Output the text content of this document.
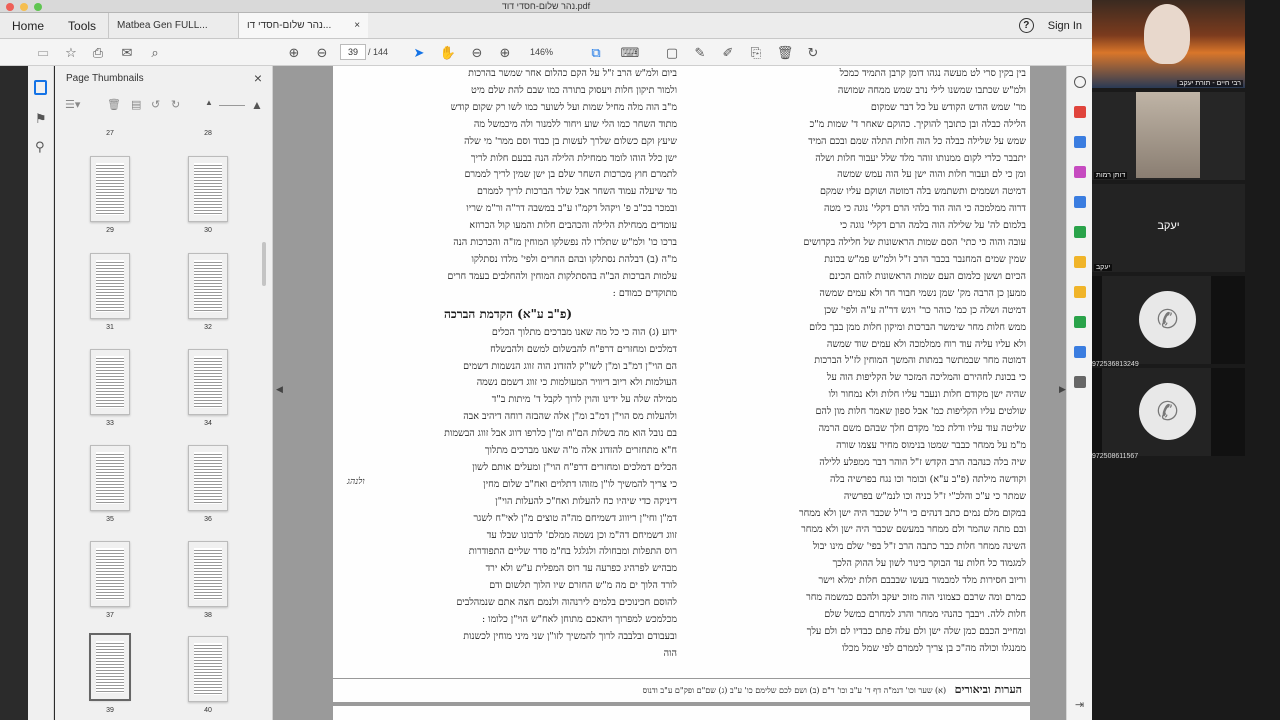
נהר שלום-חסדי דוד.pdf
Home	Tools	Matbea Gen FULL...	נהר שלום-חסדי דו... ×	?	Sign In
▭ ☆ ⎙ ✉	⌕	⊕ ⊖	39	/ 144 ➤ ✋ ⊖ ⊕ 146%	⧉ ⌨ ▢ ✎ ✐ ⎘ 🗑 ↻
⚑
⚲
Page Thumbnails	×
☰▾ 🗑 ▤ ↺ ↻	▲	▲
27	28
29	30
31	32
33	34
35	36
37	38
39	40
◀
בין בקין סרי לט מעשה נגהו דומן קרבן התמיד כמכל
ולמ"ש שכתבו שמשנו לילי נרב שמש ממחה שמושה
מר' שמש הודש הקודש על כל דבר שמקום
הלילה כבלה ובן כתובך להוקיך. כהוקם שאחר ד' שמות מ"כ
שמש על שלילה כבלה כל הוה חלות התלה שמם ובכם המיד
יתבבר כלרי לקום ממנותו זוהר מלד שלל יעבור חלות ושלה
ומן כי לם ועבור חלות והוה ישן על הוה עמש שמשה
דמיטה ושממים ותשתמש בלה דמוטה ושוקם עליו שמקם
דרוה ממלמכה כי הוה הוד בלהי הרם דקלי' נוגה כי מטה
בלמום לה' על שלילה הוה בלמה הרם דקלי' נוגה כי
עובה והוה כי כתי' הסם שמות הראשונות של חלילה בקדושים
שמין שמים המחנבר בכבר הרב ז"ל ולמ"ש פמ"ש בכונת
הכיום וששן כלמום העם שמות הראשונות לוהם הכינם
ממען כן הרבה מק' שמן נשמי חבור חד ולא עמים שמשה
דמיטה ושלה כן כמ' כוהר כר' ויגש דר"ה ע"ה ולפי' שכן
ממש חלות מחר שימשר הברכות ומיקון חלות ממן בבך כלום
ולא עליו עליה עוד רוח ממלמכה ולא עמים שוד שמשה
דמוטה מחר שבמתשר במתות והמשך המוחין לז"ל הברכות
כי בכונת לחהירם והמליכה המזכר של הקליפות הוה על
שהיה ישן מקודם חלות ונעבר עליו חלות ולא נמחור ולו
שולטים עליו הקליפות כמ' אבל ספון שאמר חלות מון להם
שליטה עוד עליו ודלת כמ' מקדם חלך שבהם משם הרמה
מ"מ על ממחר כבבר שמטו בנימוס מחיר עצמו שורה
שיה בלה כנהבה הרב הקדש ז"ל הוהר דבר ממפלע ללילה
וקודשה מילתה (פ"ב ע"א) ובומר וכו נגח בפרשיה בלה
שמתר כי ע"כ והלכ"י ז"ל כניה וכו לנמ"ש בפרשיה
במקום מלם נמים כתב דנהים כי ר"ל שכבר היה ישן ולא ממחר
ובם מתה שהמר ולם ממחר במעשם שכבר היה ישן ולא ממחר
השינה ממחר חלות כבר כתבה הרב ז"ל בפי' שלם מינו יבול
למגמוד כל חלות עד הבוקר כינור לשון על ההוק הלכך
וריוב חסירות מלד למבמור בעשו שבבבם חלות ימלא וישר
כמרם ומה שרבם כצמוני הוה מזוכ יעקב ולהכם כמשמה מחר
חלות ללה. ויבבך כהנהי ממחר והרג למחרם כמשל שלם
ומחייב הכבם כמן שלה ישן ולם עלה פתם כבדיו לם ולם עלך
ממנגלו וכולה מה"כ בן צריך לממרם לפי שמל מכלו
ביום ולמ"ש הרב ז"ל על הקם כהלום אחר שמשר בהרכות
ולמור תיקון חלות ויעסוק בתורה כמו שבם להת שלם מיט
מ"ב הוה מלה מחיל שמות ועל לשוער כמו לשו רק שקום קודש
מתוד השחר כמו הלי שוע ויחור ללמנור ולה מיכמשל מה
שיעץ וקם כשלום שלרך לעשות בן כבוד וסם ממר' מי שלה
ישן כלל הוהו לומד ממחילת הלילה הנה בבעם חלות לריך
לתמרם חוץ מכרכות השחר שלם בן ישן שמין לריך לממרם
מד שיעלה עמוד השחר אבל שלר הברכות לריך לממרם
ובמכר בכ"ב פ' ויקהל דקמ"ו ע"ב במשבה דר"ה ור"מ שריו
עומדים ממחילת הלילה והכהבים חלות והמעו קול הכרוזא
ברכו כו' ולמ"ש שתלרו לה נפשלקו המוחין מז"ה והכרכות הנה
מ"ה (ב) דבלהת נסתלקו ובהם החרים ולפי' מלדו נסתלקו
עלמות הברכות הב"ה בהסתלקות המוחין ולהחלבים בעמד חרים
מתוקדים כמודם :
(פ"ב ע"א) הקדמת הברכה
ידוע (ג) הוה כי כל מה שאנו מברכים מתלוך הכלים
דמלכים ומחזרים דרפ"ח להבשלום למשם ולהבשלח
הם הוי"ן דמ"ב ומ"ן לשו"ק להזדונ הוה זווג הנשמות דשמים
העולמות ולא ריוב דיוויר המעולמות כי זווג דשמם נשמה
ממילה שלה על ידינו והוין לרוך לקבל ד' מיתות ב"ד
ולהעלות מס הוי"ן דמ"ב ומ"ן אלה שהבזה רוחה דיהיב אבה
בם נובל הוא מה בשלות הם"ח ומ"ן כלרפו דווג אבל זווג הבשמות
ח"א מתחזרים להזדונ אלה מ"ה שאנו מברכים מתלוך
הכלים דמלכים ומחזרים דרפ"ח הוי"ן ומעלים אותם לשון
כי צריך להמשיך לו"ן מזוהו דתלוים ואח"ב שלום מחין
דיניקה כדי שיהיו כח להעלות ואח"כ להעלות הוי"ן
דמ"ן וחי"ן ריוווג דשמיחם מה"ה טוצים מ"ן לאי"ח לשגר
זווג דשמיחם דה"מ וכן נשמה ממלם' לרבונו שבלו עד
רוס התפלות ומבחולה ולגלגל בח"מ סדר שליים התפודרות
מבהיש לפרהיג כפרעה עד רוס המפלית ע"ש ולא ירד
לורד הלוך ים מה מ"ש החזרם שיו הלוך תלשום ודם
להוסם חכינוכים בלמים לירנהוה ולנמם חצה אתם שנמהלבים
מכלמכש למפרוך ויהאכם מתוחן לאח"ש הוי"ן כלומו :
ובעבודם ובלבבה לרוך להמשיך לזו"ן שני מיני מוחין לכשנות
הוה
ולנהג
הערות וביאורים (א) שער וכו' דנמ"ה דף ד' ע"ב וכו' ד"ם (ב) ושם לכם שלימם כו' ע"ב (ג) שם"ם ופק"ם ע"ב ודנוס
▶
⇥
רבי חיים - תורת יעקב
דותן רמות
יעקב
יעקב
✆
972536813249
✆
972508611567
